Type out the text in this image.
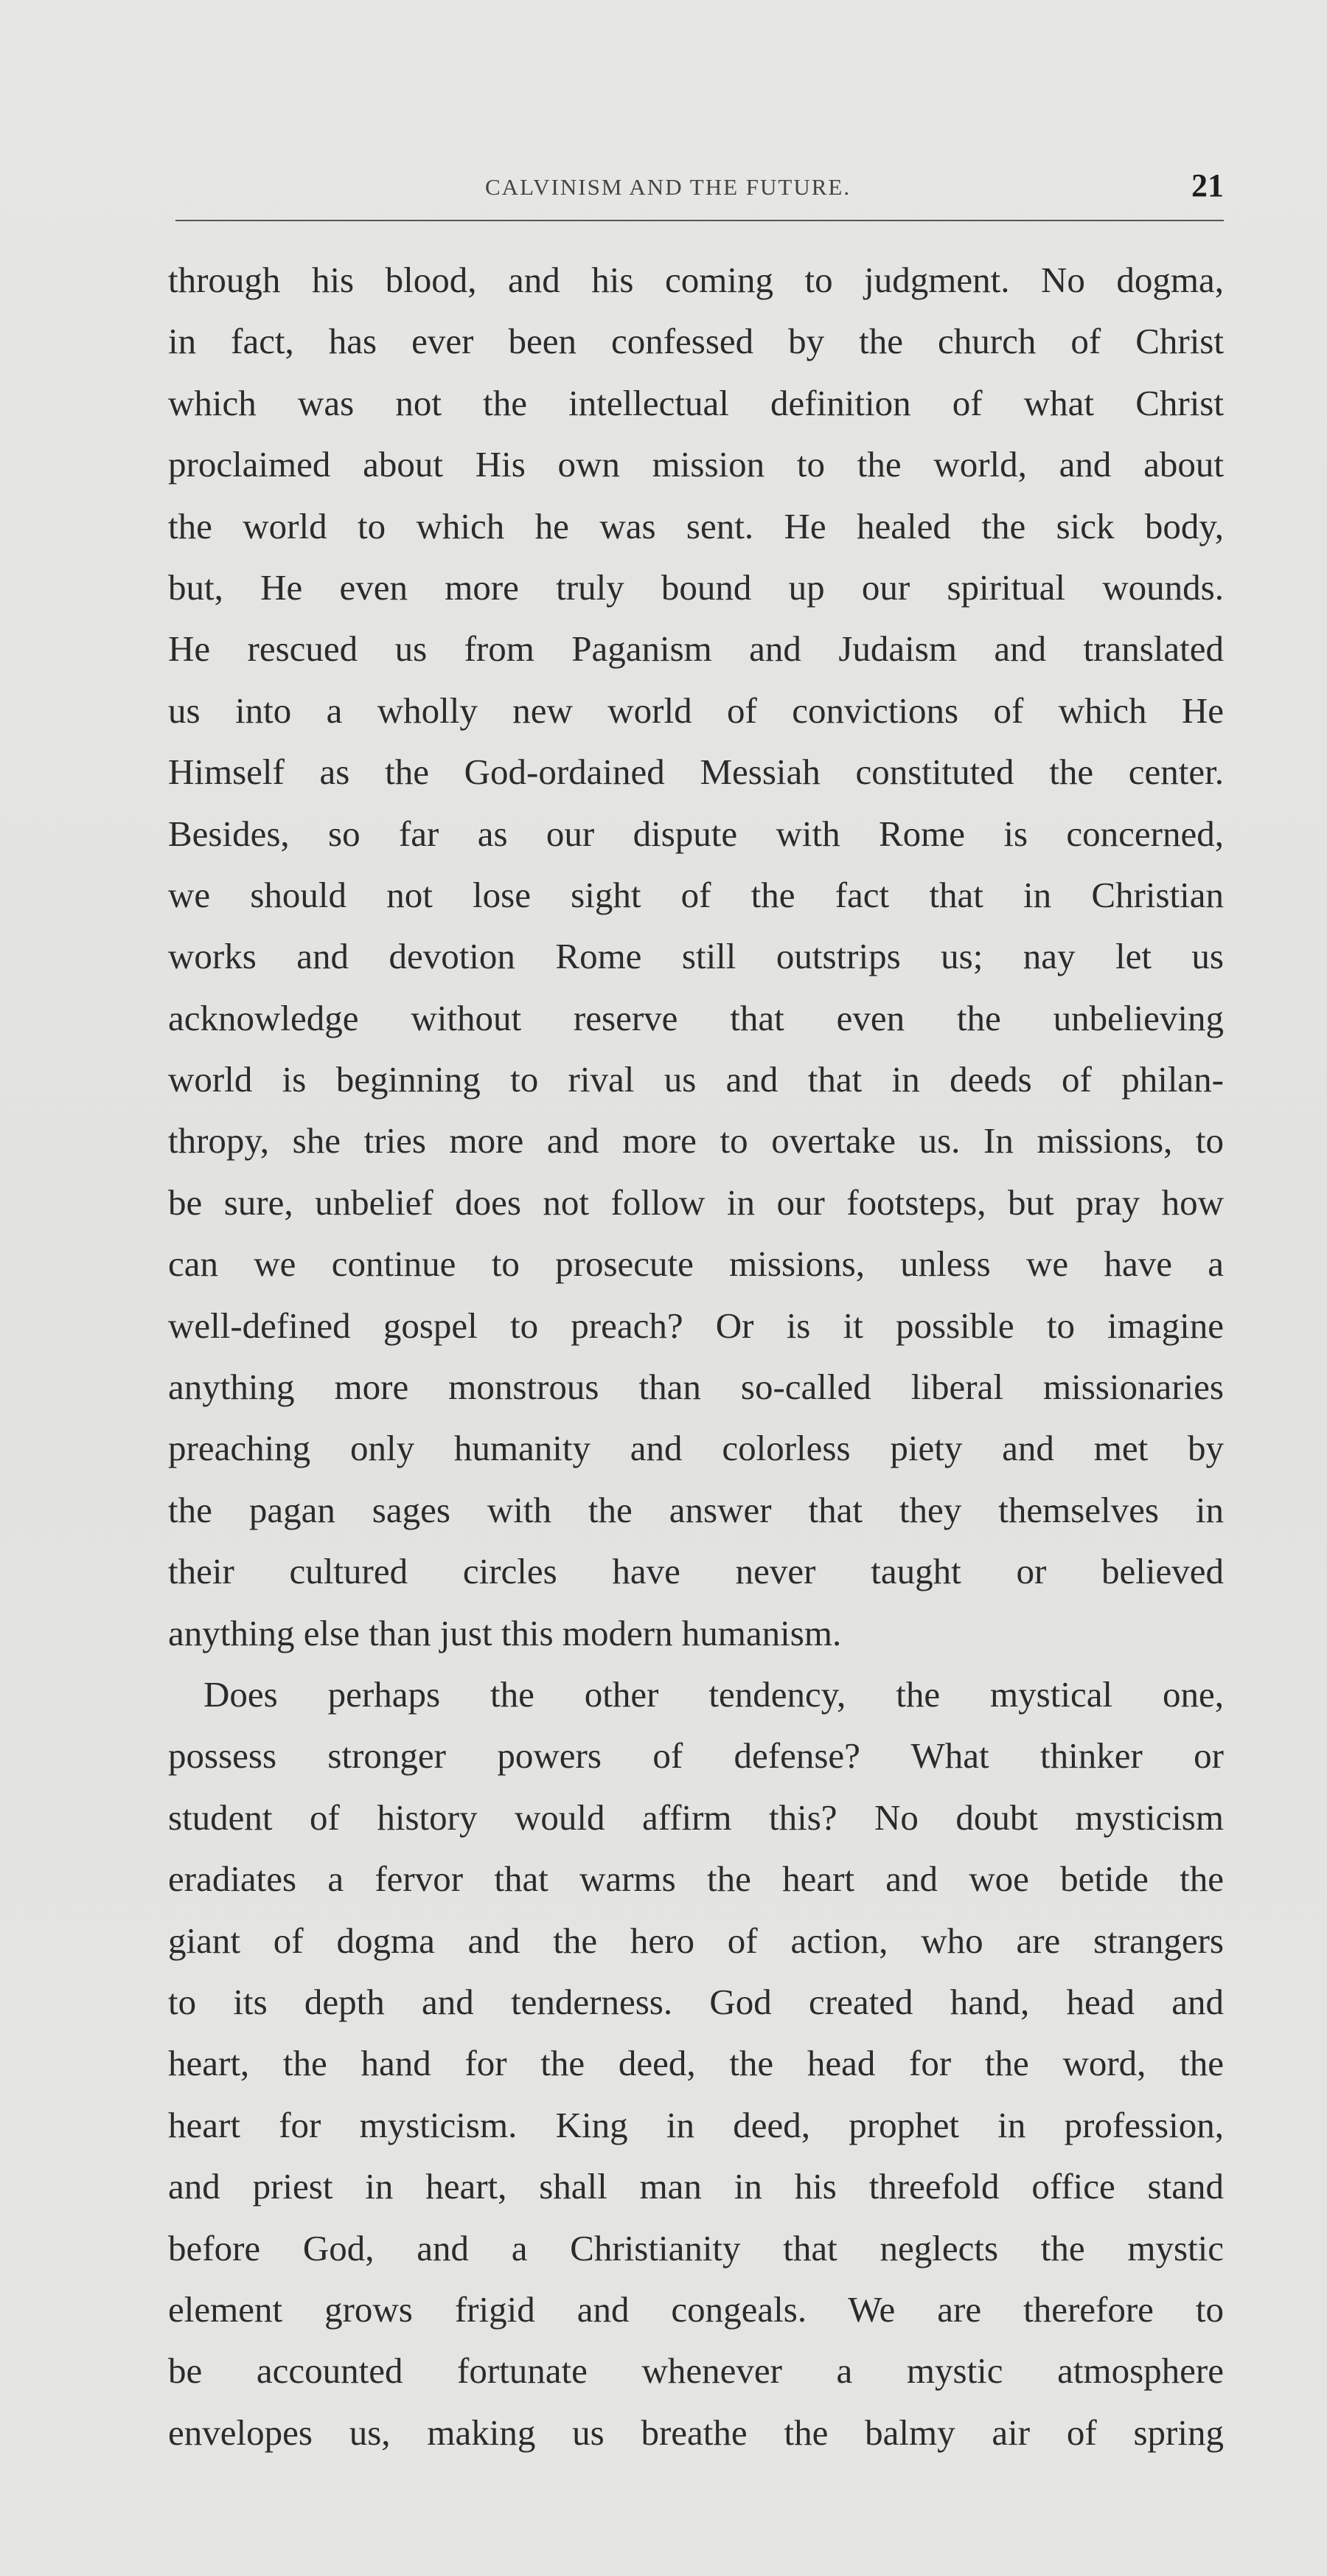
CALVINISM AND THE FUTURE.	21
through his blood, and his coming to judgment. No dogma,
in fact, has ever been confessed by the church of Christ
which was not the intellectual definition of what Christ
proclaimed about His own mission to the world, and about
the world to which he was sent. He healed the sick body,
but, He even more truly bound up our spiritual wounds.
He rescued us from Paganism and Judaism and translated
us into a wholly new world of convictions of which He
Himself as the God-ordained Messiah constituted the center.
Besides, so far as our dispute with Rome is concerned,
we should not lose sight of the fact that in Christian
works and devotion Rome still outstrips us; nay let us
acknowledge without reserve that even the unbelieving
world is beginning to rival us and that in deeds of philan-
thropy, she tries more and more to overtake us. In missions, to
be sure, unbelief does not follow in our footsteps, but pray how
can we continue to prosecute missions, unless we have a
well-defined gospel to preach? Or is it possible to imagine
anything more monstrous than so-called liberal missionaries
preaching only humanity and colorless piety and met by
the pagan sages with the answer that they themselves in
their cultured circles have never taught or believed
anything else than just this modern humanism.
Does perhaps the other tendency, the mystical one,
possess stronger powers of defense? What thinker or
student of history would affirm this? No doubt mysticism
eradiates a fervor that warms the heart and woe betide the
giant of dogma and the hero of action, who are strangers
to its depth and tenderness. God created hand, head and
heart, the hand for the deed, the head for the word, the
heart for mysticism. King in deed, prophet in profession,
and priest in heart, shall man in his threefold office stand
before God, and a Christianity that neglects the mystic
element grows frigid and congeals. We are therefore to
be accounted fortunate whenever a mystic atmosphere
envelopes us, making us breathe the balmy air of spring
